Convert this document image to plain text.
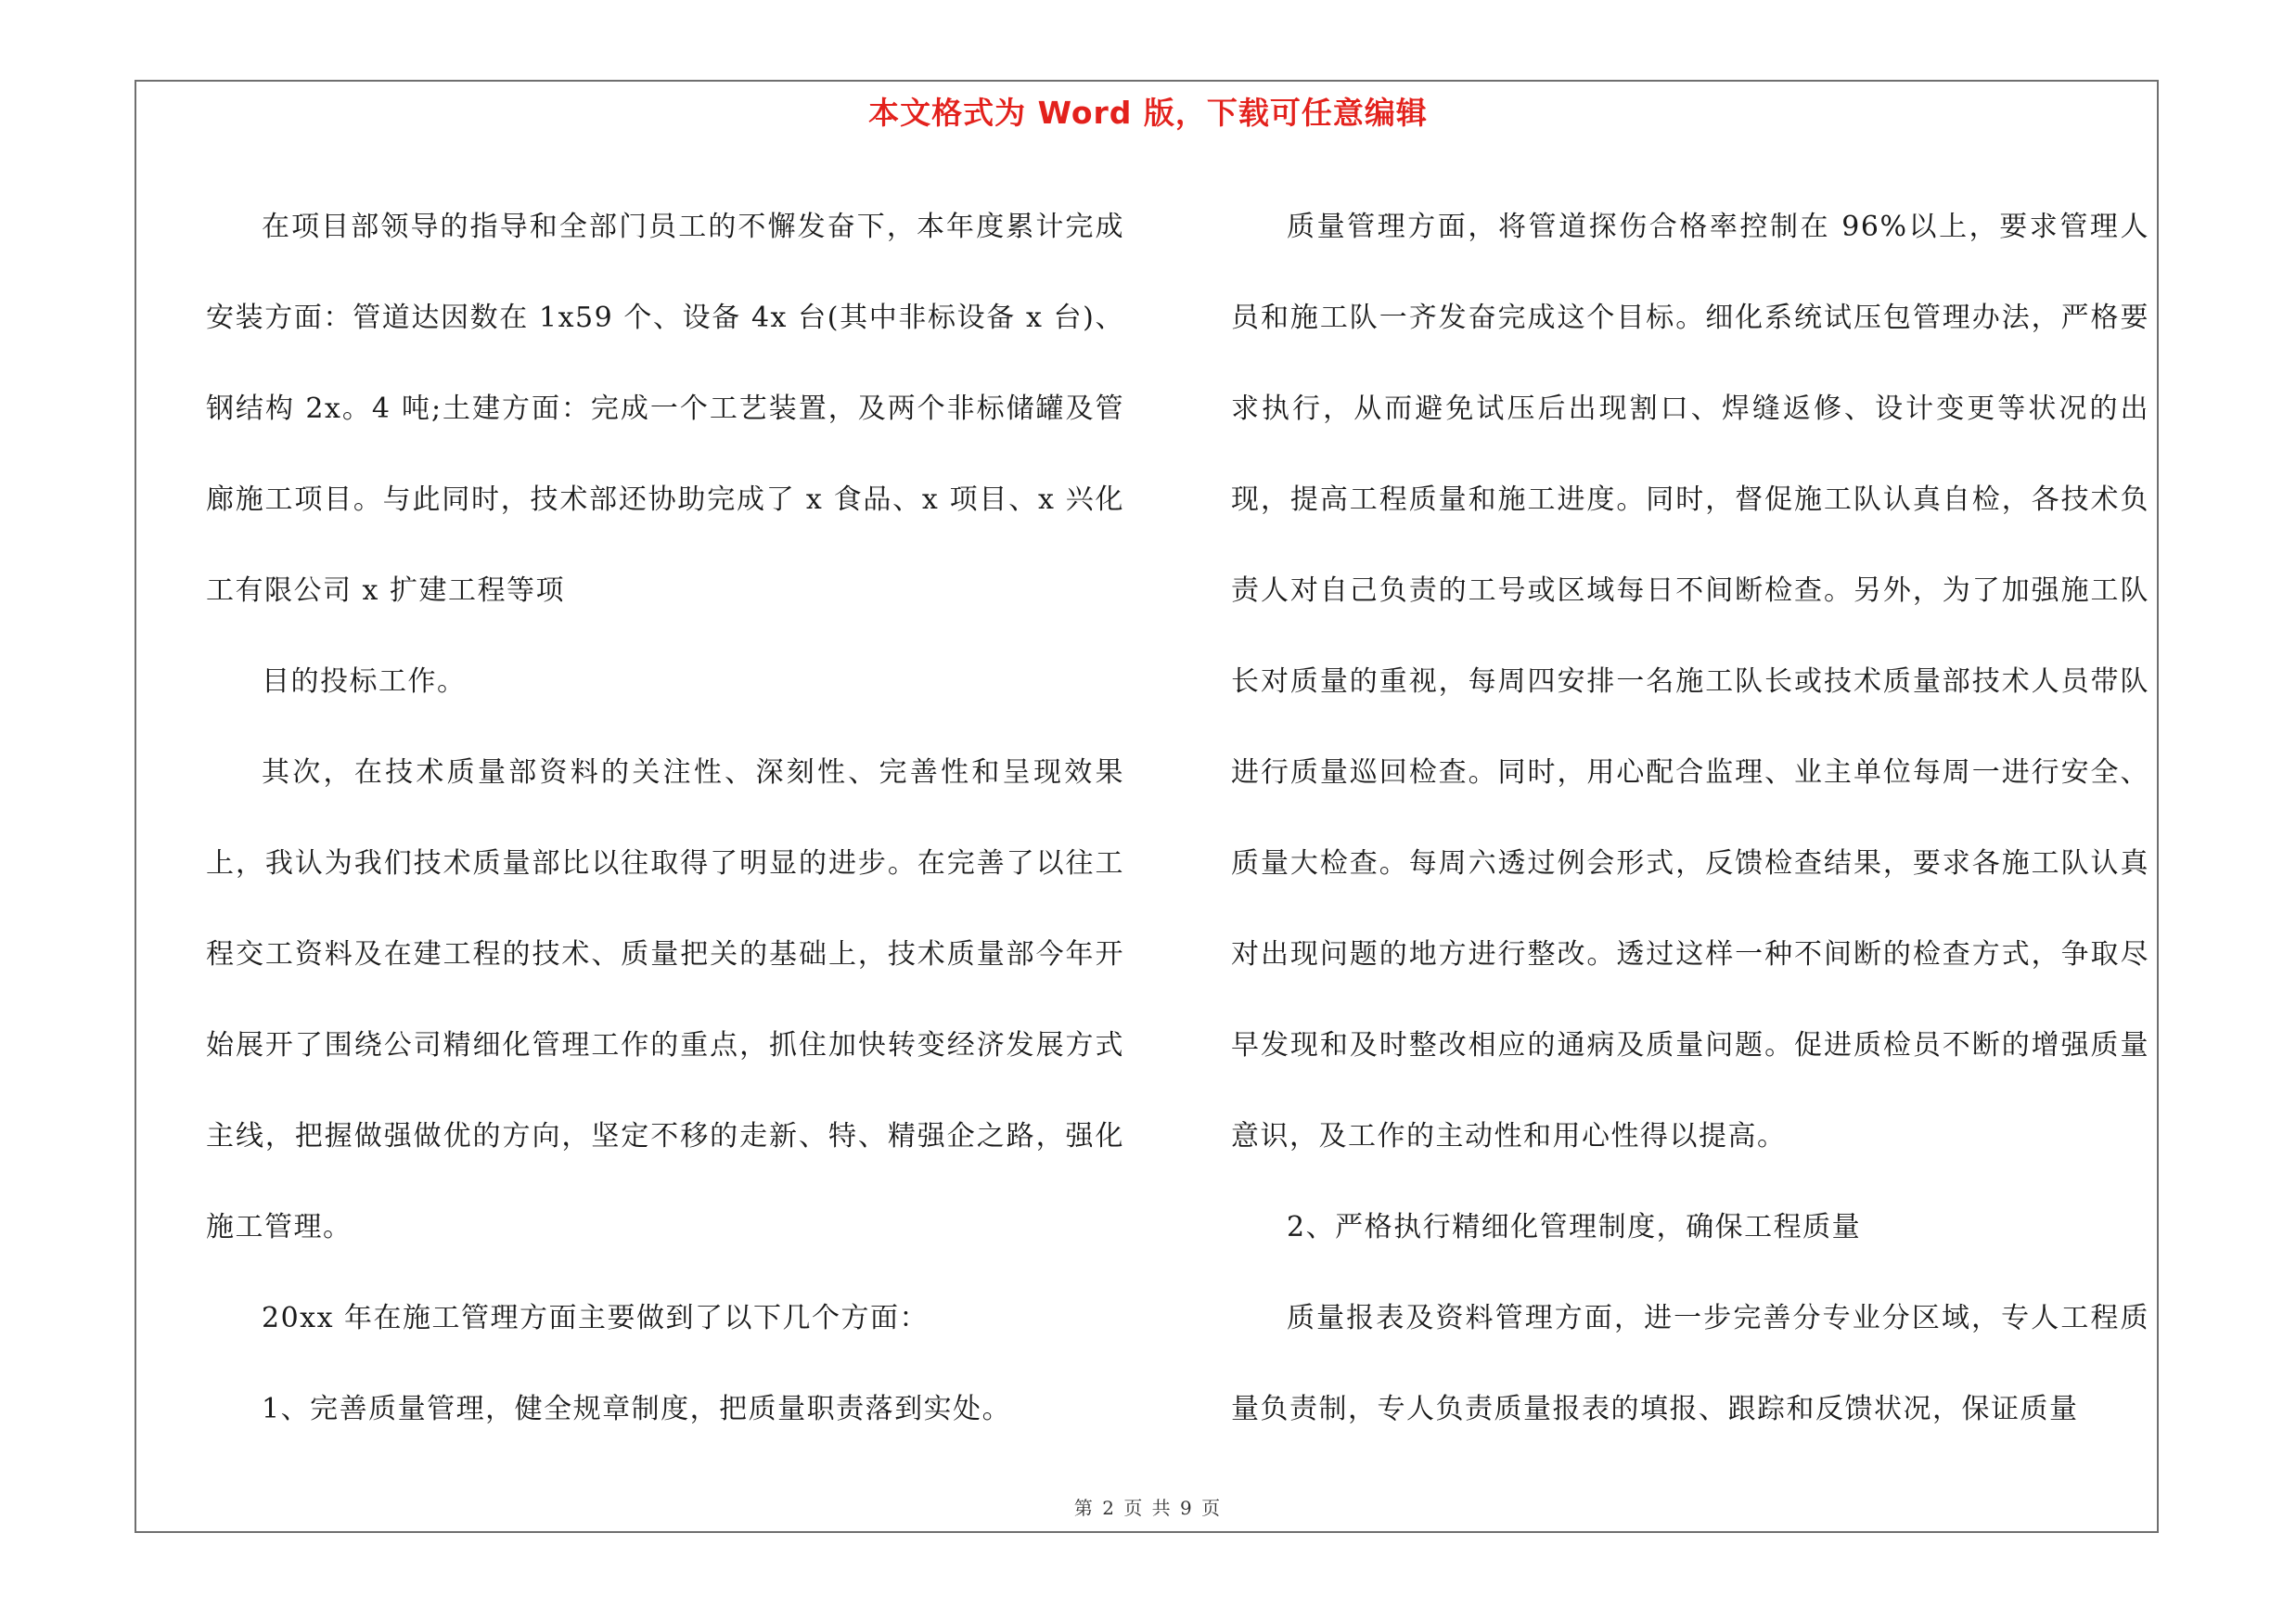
本文格式为 Word 版，下载可任意编辑

在项目部领导的指导和全部门员工的不懈发奋下，本年度累计完成安装方面：管道达因数在 1x59 个、设备 4x 台(其中非标设备 x 台)、钢结构 2x。4 吨;土建方面：完成一个工艺装置，及两个非标储罐及管廊施工项目。与此同时，技术部还协助完成了 x 食品、x 项目、x 兴化工有限公司 x 扩建工程等项

目的投标工作。

其次，在技术质量部资料的关注性、深刻性、完善性和呈现效果上，我认为我们技术质量部比以往取得了明显的进步。在完善了以往工程交工资料及在建工程的技术、质量把关的基础上，技术质量部今年开始展开了围绕公司精细化管理工作的重点，抓住加快转变经济发展方式主线，把握做强做优的方向，坚定不移的走新、特、精强企之路，强化施工管理。

20xx 年在施工管理方面主要做到了以下几个方面：

1、完善质量管理，健全规章制度，把质量职责落到实处。

质量管理方面，将管道探伤合格率控制在 96%以上，要求管理人员和施工队一齐发奋完成这个目标。细化系统试压包管理办法，严格要求执行，从而避免试压后出现割口、焊缝返修、设计变更等状况的出现，提高工程质量和施工进度。同时，督促施工队认真自检，各技术负责人对自己负责的工号或区域每日不间断检查。另外，为了加强施工队长对质量的重视，每周四安排一名施工队长或技术质量部技术人员带队进行质量巡回检查。同时，用心配合监理、业主单位每周一进行安全、质量大检查。每周六透过例会形式，反馈检查结果，要求各施工队认真对出现问题的地方进行整改。透过这样一种不间断的检查方式，争取尽早发现和及时整改相应的通病及质量问题。促进质检员不断的增强质量意识，及工作的主动性和用心性得以提高。

2、严格执行精细化管理制度，确保工程质量

质量报表及资料管理方面，进一步完善分专业分区域，专人工程质量负责制，专人负责质量报表的填报、跟踪和反馈状况，保证质量

第 2 页 共 9 页
